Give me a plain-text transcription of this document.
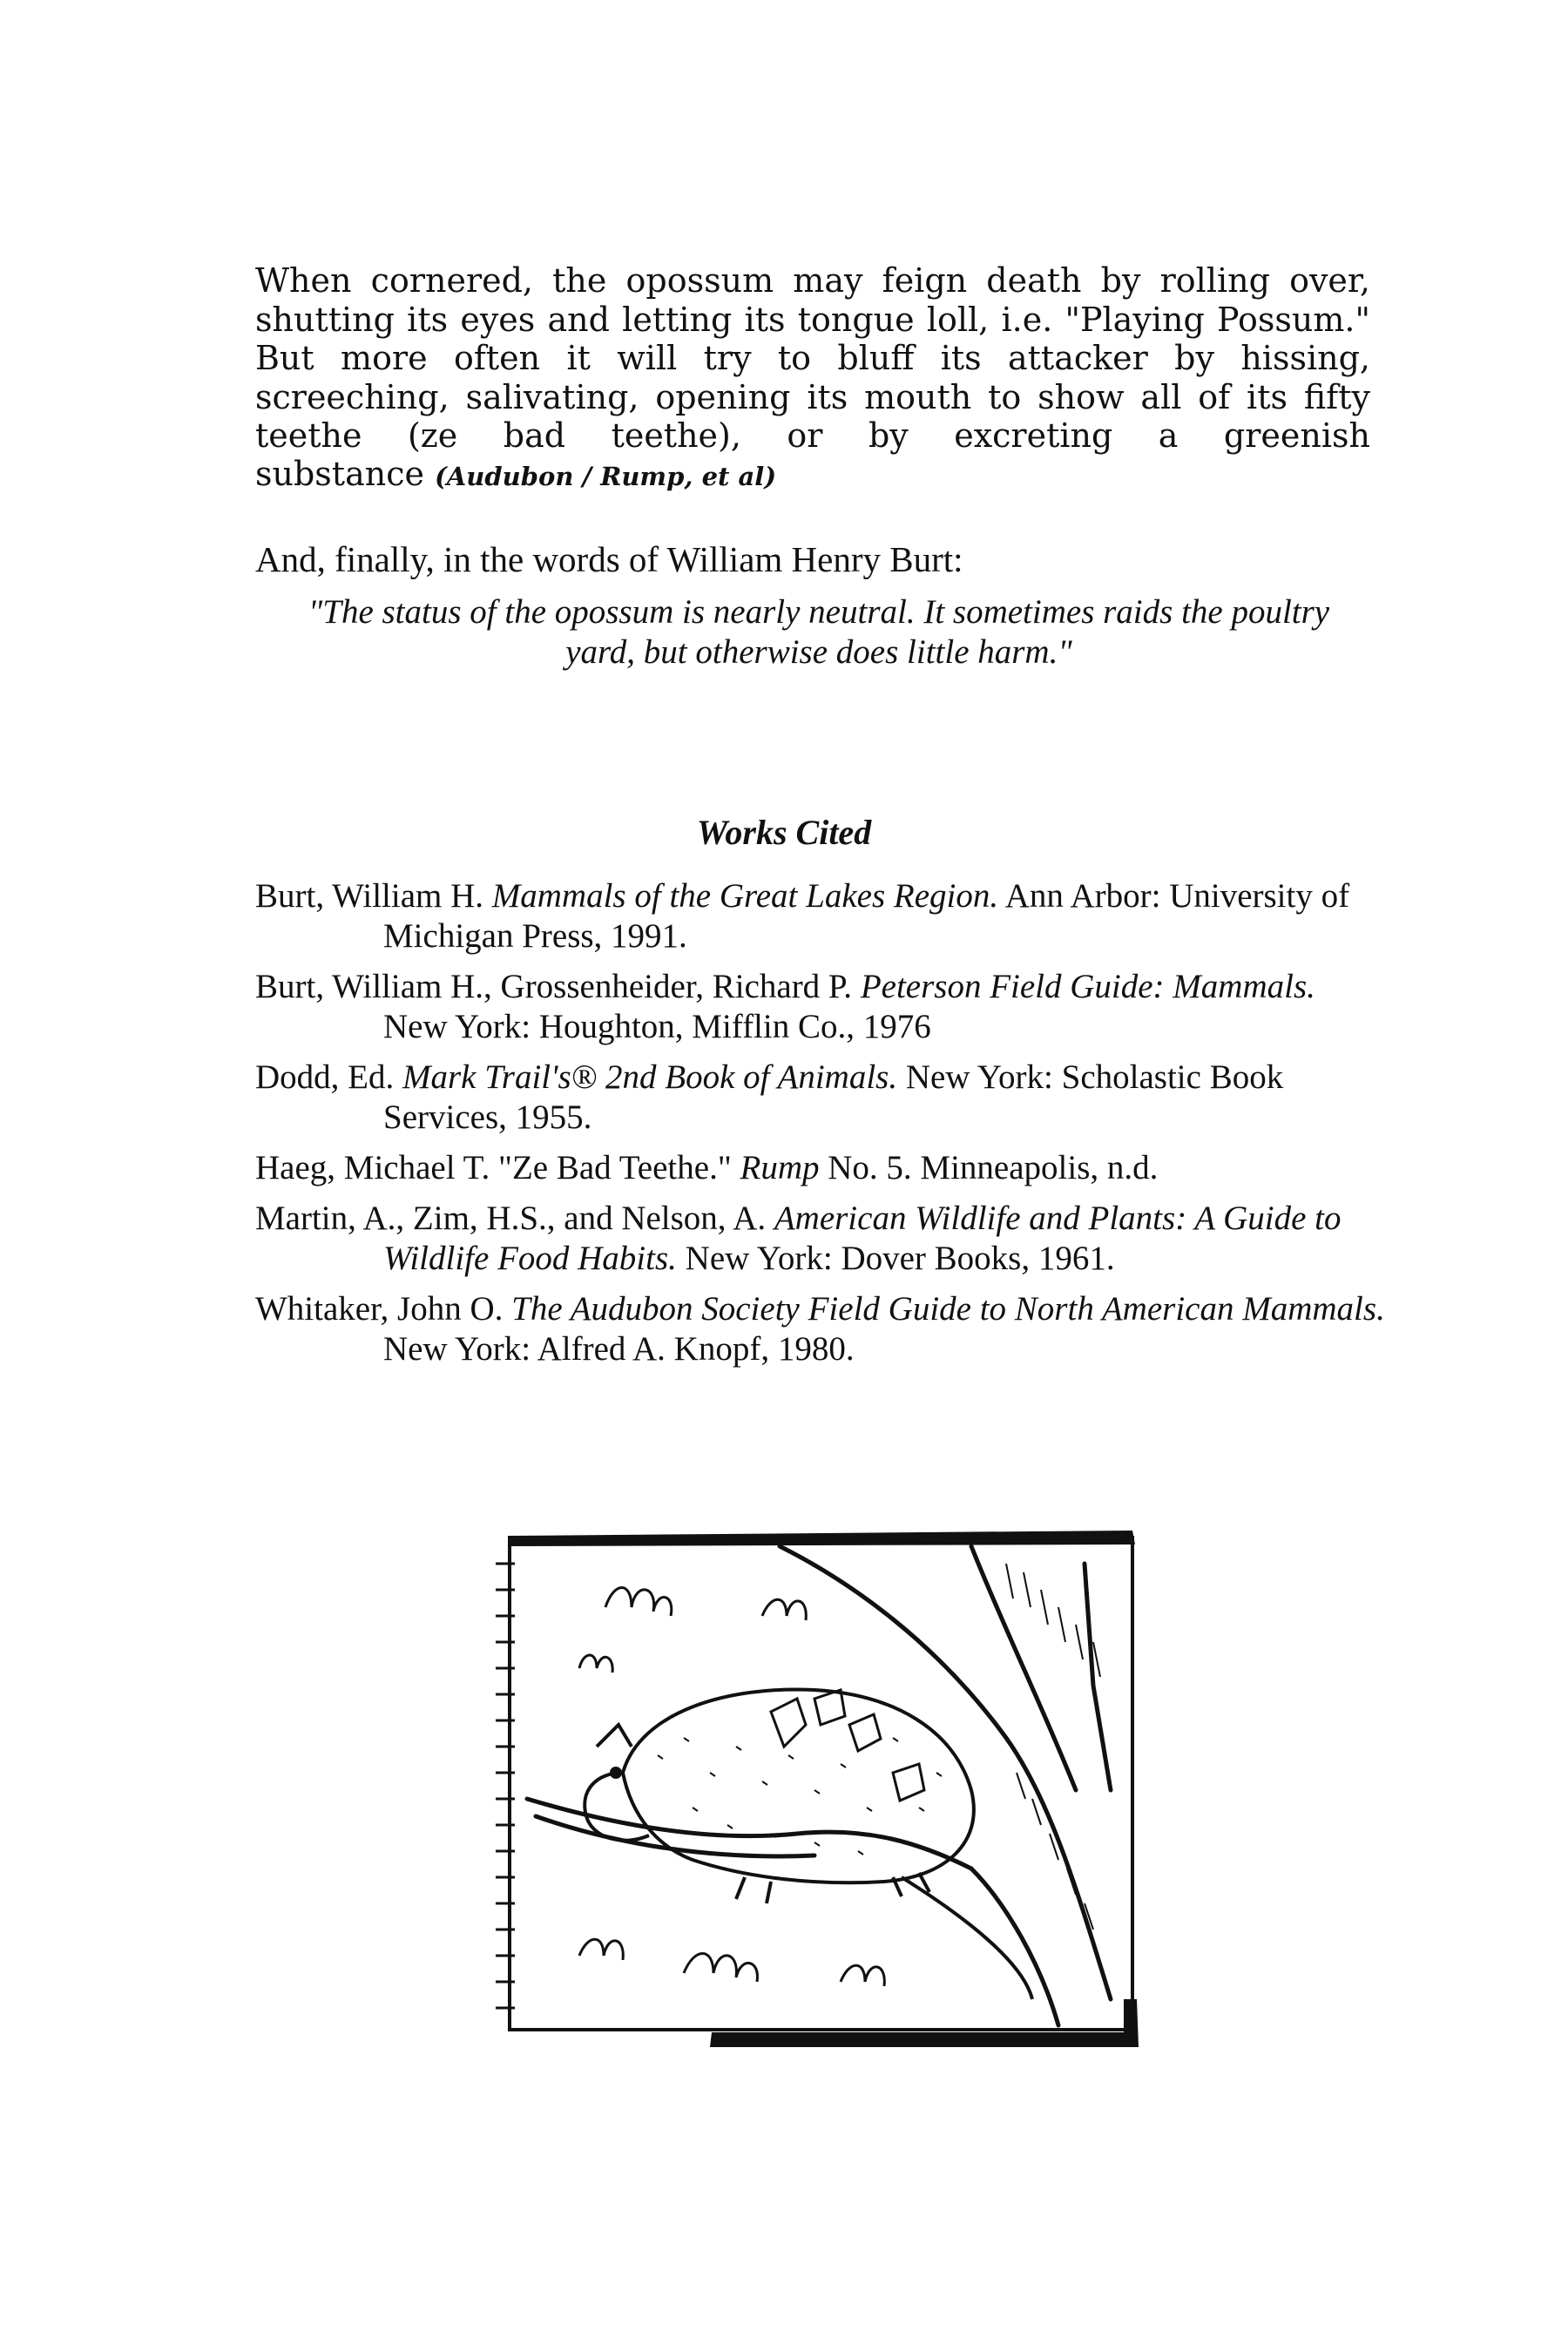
When cornered, the opossum may feign death by rolling over, shutting its eyes and letting its tongue loll, i.e. "Playing Possum." But more often it will try to bluff its attacker by hissing, screeching, salivating, opening its mouth to show all of its fifty teethe (ze bad teethe), or by excreting a greenish

substance (Audubon / Rump, et al)

And, finally, in the words of William Henry Burt:

"The status of the opossum is nearly neutral. It sometimes raids the poultry yard, but otherwise does little harm."

Works Cited

Burt, William H. Mammals of the Great Lakes Region. Ann Arbor: University of Michigan Press, 1991.

Burt, William H., Grossenheider, Richard P. Peterson Field Guide: Mammals. New York: Houghton, Mifflin Co., 1976

Dodd, Ed. Mark Trail's® 2nd Book of Animals. New York: Scholastic Book Services, 1955.

Haeg, Michael T. "Ze Bad Teethe." Rump No. 5. Minneapolis, n.d.

Martin, A., Zim, H.S., and Nelson, A. American Wildlife and Plants: A Guide to Wildlife Food Habits. New York: Dover Books, 1961.

Whitaker, John O. The Audubon Society Field Guide to North American Mammals. New York: Alfred A. Knopf, 1980.
